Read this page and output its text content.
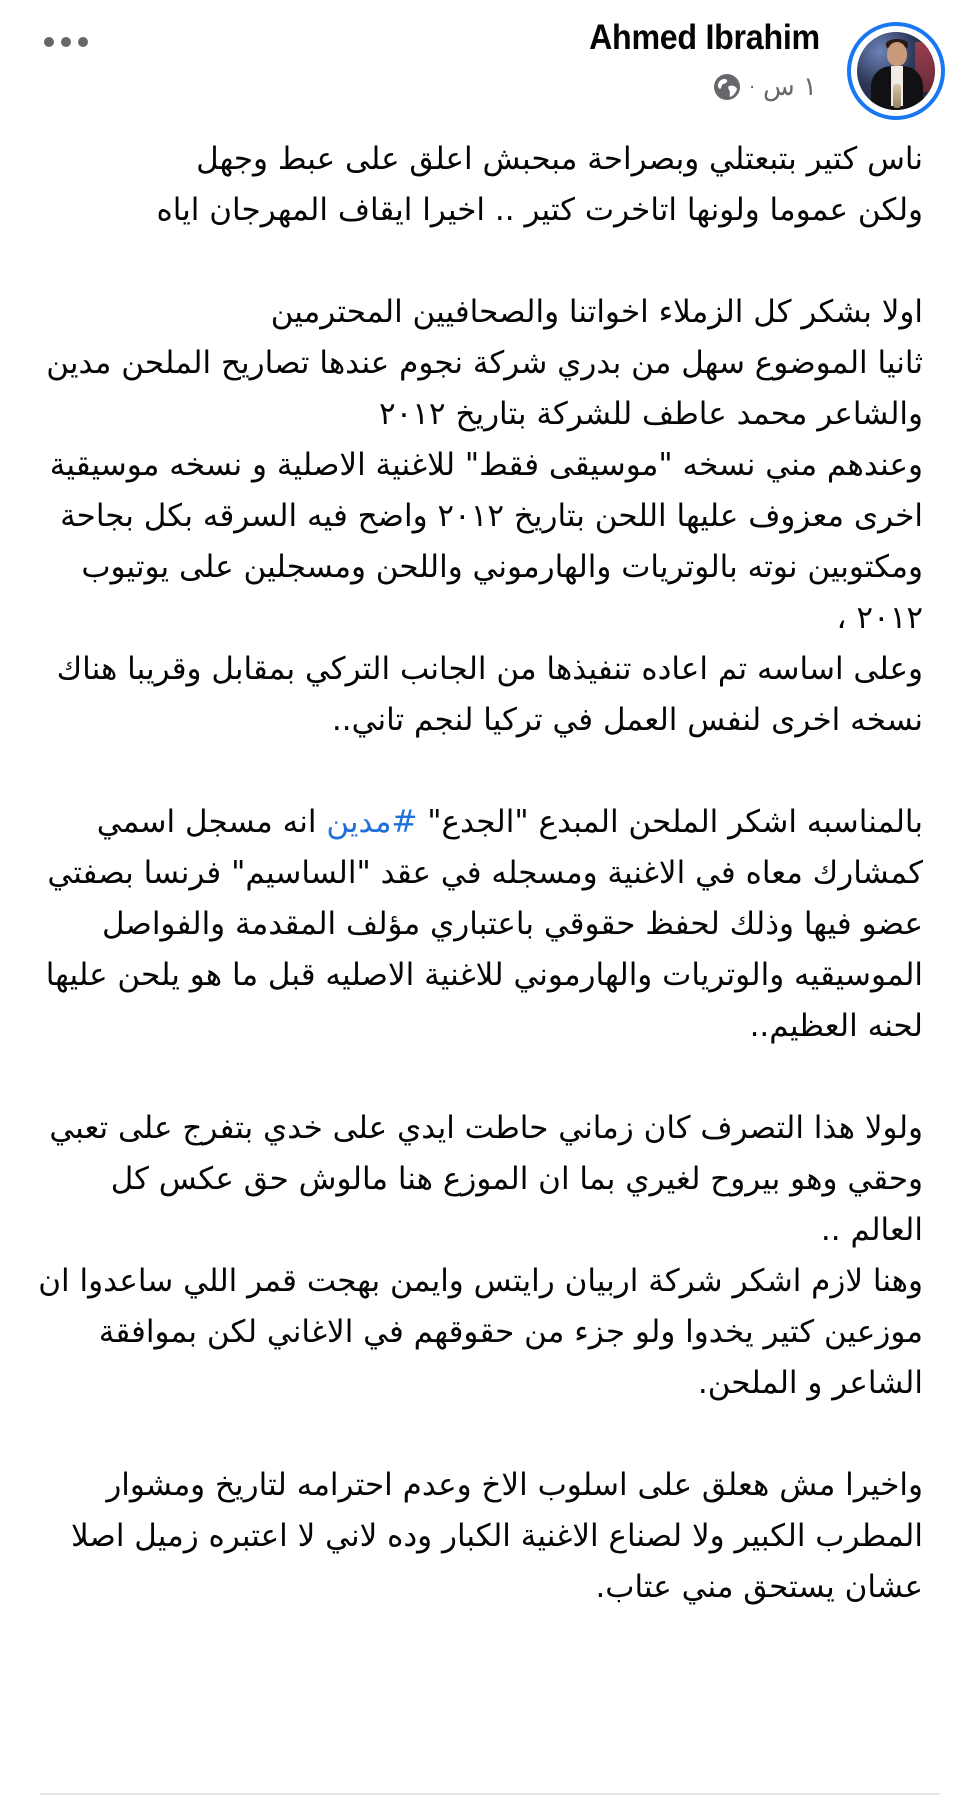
Ahmed Ibrahim
· ١ س

ناس كتير بتبعتلي وبصراحة مبحبش اعلق على عبط وجهل

ولكن عموما ولونها اتاخرت كتير .. اخيرا ايقاف المهرجان اياه

اولا بشكر كل الزملاء اخواتنا والصحافيين المحترمين

ثانيا الموضوع سهل من بدري شركة نجوم عندها تصاريح الملحن مدين والشاعر محمد عاطف للشركة بتاريخ ٢٠١٢

وعندهم مني نسخه "موسيقى فقط" للاغنية الاصلية و نسخه موسيقية اخرى معزوف عليها اللحن بتاريخ ٢٠١٢ واضح فيه السرقه بكل بجاحة ومكتوبين نوته بالوتريات والهارموني واللحن ومسجلين على يوتيوب ٢٠١٢ ،

وعلى اساسه تم اعاده تنفيذها من الجانب التركي بمقابل وقريبا هناك نسخه اخرى لنفس العمل في تركيا لنجم تاني..

بالمناسبه اشكر الملحن المبدع "الجدع" #مدين انه مسجل اسمي كمشارك معاه في الاغنية ومسجله في عقد "الساسيم" فرنسا بصفتي عضو فيها وذلك لحفظ حقوقي باعتباري مؤلف المقدمة والفواصل الموسيقيه والوتريات والهارموني للاغنية الاصليه قبل ما هو يلحن عليها لحنه العظيم..

ولولا هذا التصرف كان زماني حاطت ايدي على خدي بتفرج على تعبي وحقي وهو بيروح لغيري بما ان الموزع هنا مالوش حق عكس كل العالم ..

وهنا لازم اشكر شركة اربيان رايتس وايمن بهجت قمر اللي ساعدوا ان موزعين كتير يخدوا ولو جزء من حقوقهم في الاغاني لكن بموافقة الشاعر و الملحن.

واخيرا مش هعلق على اسلوب الاخ وعدم احترامه لتاريخ ومشوار المطرب الكبير ولا لصناع الاغنية الكبار وده لاني لا اعتبره زميل اصلا عشان يستحق مني عتاب.
